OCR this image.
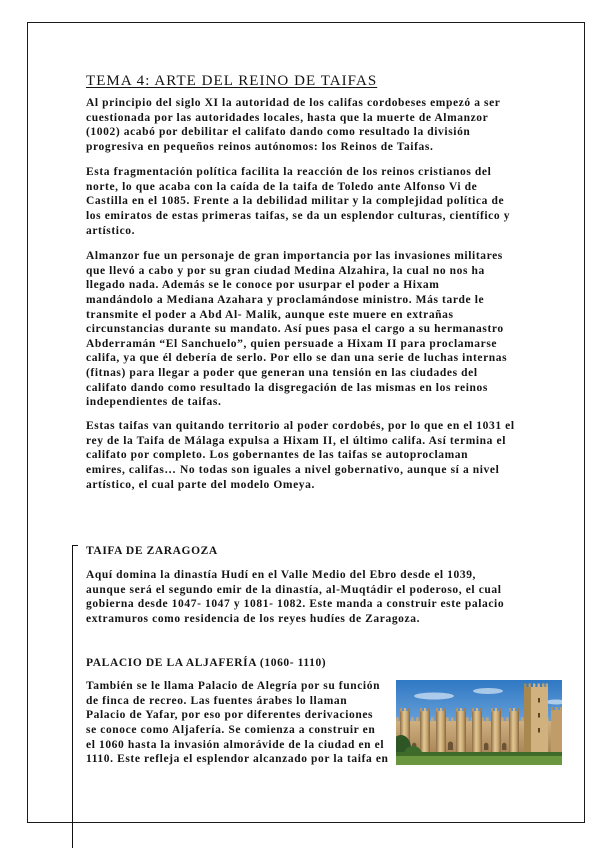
TEMA 4: ARTE DEL REINO DE TAIFAS
Al principio del siglo XI la autoridad de los califas cordobeses empezó a ser
cuestionada por las autoridades locales, hasta que la muerte de Almanzor
(1002) acabó por debilitar el califato dando como resultado la división
progresiva en pequeños reinos autónomos: los Reinos de Taifas.
Esta fragmentación política facilita la reacción de los reinos cristianos del
norte, lo que acaba con la caída de la taifa de Toledo ante Alfonso Vi de
Castilla en el 1085. Frente a la debilidad militar y la complejidad política de
los emiratos de estas primeras taifas, se da un esplendor culturas, científico y
artístico.
Almanzor fue un personaje de gran importancia por las invasiones militares
que llevó a cabo y por su gran ciudad Medina Alzahira, la cual no nos ha
llegado nada. Además se le conoce por usurpar el poder a Hixam
mandándolo a Mediana Azahara y proclamándose ministro. Más tarde le
transmite el poder a Abd Al- Malik, aunque este muere en extrañas
circunstancias durante su mandato. Así pues pasa el cargo a su hermanastro
Abderramán “El Sanchuelo”, quien persuade a Hixam II para proclamarse
califa, ya que él debería de serlo. Por ello se dan una serie de luchas internas
(fitnas) para llegar a poder que generan una tensión en las ciudades del
califato dando como resultado la disgregación de las mismas en los reinos
independientes de taifas.
Estas taifas van quitando territorio al poder cordobés, por lo que en el 1031 el
rey de la Taifa de Málaga expulsa a Hixam II, el último califa. Así termina el
califato por completo. Los gobernantes de las taifas se autoproclaman
emires, califas… No todas son iguales a nivel gobernativo, aunque sí a nivel
artístico, el cual parte del modelo Omeya.
TAIFA DE ZARAGOZA
Aquí domina la dinastía Hudí en el Valle Medio del Ebro desde el 1039,
aunque será el segundo emir de la dinastía, al-Muqtádir el poderoso, el cual
gobierna desde 1047- 1047 y 1081- 1082. Este manda a construir este palacio
extramuros como residencia de los reyes hudíes de Zaragoza.
PALACIO DE LA ALJAFERÍA (1060- 1110)
También se le llama Palacio de Alegría por su función
de finca de recreo. Las fuentes árabes lo llaman
Palacio de Yafar, por eso por diferentes derivaciones
se conoce como Aljafería. Se comienza a construir en
el 1060 hasta la invasión almorávide de la ciudad en el
1110. Este refleja el esplendor alcanzado por la taifa en
